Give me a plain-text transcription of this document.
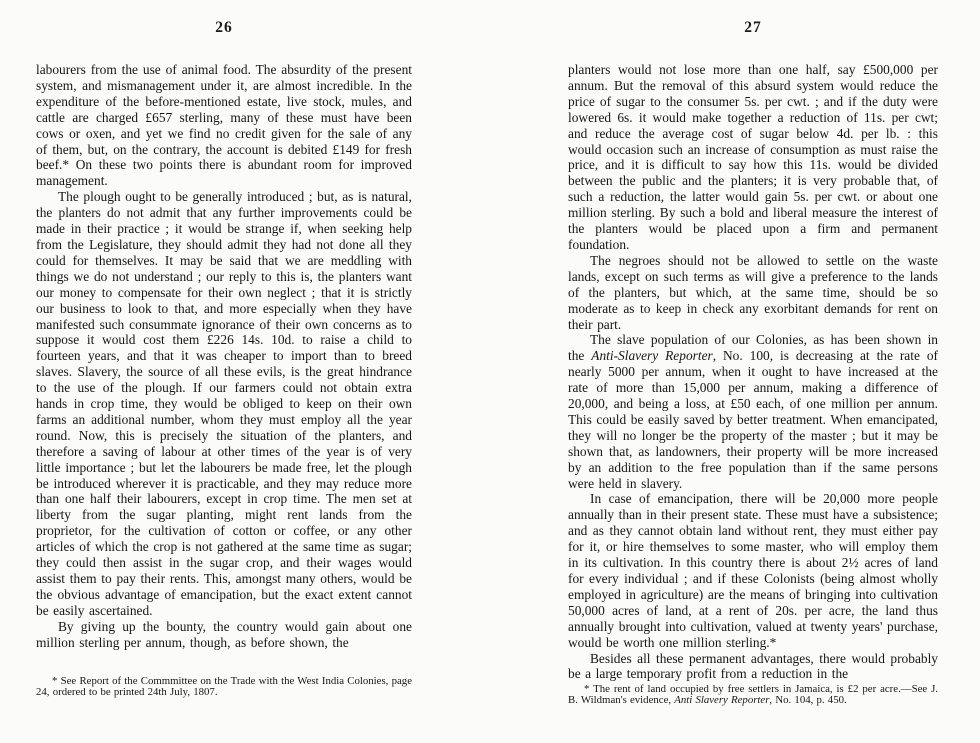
26

labourers from the use of animal food. The absurdity of the present system, and mismanagement under it, are almost incredible. In the expenditure of the before-mentioned estate, live stock, mules, and cattle are charged £657 sterling, many of these must have been cows or oxen, and yet we find no credit given for the sale of any of them, but, on the contrary, the account is debited £149 for fresh beef.* On these two points there is abundant room for improved management.

The plough ought to be generally introduced ; but, as is natural, the planters do not admit that any further improvements could be made in their practice ; it would be strange if, when seeking help from the Legislature, they should admit they had not done all they could for themselves. It may be said that we are meddling with things we do not understand ; our reply to this is, the planters want our money to compensate for their own neglect ; that it is strictly our business to look to that, and more especially when they have manifested such consummate ignorance of their own concerns as to suppose it would cost them £226 14s. 10d. to raise a child to fourteen years, and that it was cheaper to import than to breed slaves. Slavery, the source of all these evils, is the great hindrance to the use of the plough. If our farmers could not obtain extra hands in crop time, they would be obliged to keep on their own farms an additional number, whom they must employ all the year round. Now, this is precisely the situation of the planters, and therefore a saving of labour at other times of the year is of very little importance ; but let the labourers be made free, let the plough be introduced wherever it is practicable, and they may reduce more than one half their labourers, except in crop time. The men set at liberty from the sugar planting, might rent lands from the proprietor, for the cultivation of cotton or coffee, or any other articles of which the crop is not gathered at the same time as sugar; they could then assist in the sugar crop, and their wages would assist them to pay their rents. This, amongst many others, would be the obvious advantage of emancipation, but the exact extent cannot be easily ascertained.

By giving up the bounty, the country would gain about one million sterling per annum, though, as before shown, the

* See Report of the Commmittee on the Trade with the West India Colonies, page 24, ordered to be printed 24th July, 1807.

27

planters would not lose more than one half, say £500,000 per annum. But the removal of this absurd system would reduce the price of sugar to the consumer 5s. per cwt. ; and if the duty were lowered 6s. it would make together a reduction of 11s. per cwt; and reduce the average cost of sugar below 4d. per lb. : this would occasion such an increase of consumption as must raise the price, and it is difficult to say how this 11s. would be divided between the public and the planters; it is very probable that, of such a reduction, the latter would gain 5s. per cwt. or about one million sterling. By such a bold and liberal measure the interest of the planters would be placed upon a firm and permanent foundation.

The negroes should not be allowed to settle on the waste lands, except on such terms as will give a preference to the lands of the planters, but which, at the same time, should be so moderate as to keep in check any exorbitant demands for rent on their part.

The slave population of our Colonies, as has been shown in the Anti-Slavery Reporter, No. 100, is decreasing at the rate of nearly 5000 per annum, when it ought to have increased at the rate of more than 15,000 per annum, making a difference of 20,000, and being a loss, at £50 each, of one million per annum. This could be easily saved by better treatment. When emancipated, they will no longer be the property of the master ; but it may be shown that, as landowners, their property will be more increased by an addition to the free population than if the same persons were held in slavery.

In case of emancipation, there will be 20,000 more people annually than in their present state. These must have a subsistence; and as they cannot obtain land without rent, they must either pay for it, or hire themselves to some master, who will employ them in its cultivation. In this country there is about 2½ acres of land for every individual ; and if these Colonists (being almost wholly employed in agriculture) are the means of bringing into cultivation 50,000 acres of land, at a rent of 20s. per acre, the land thus annually brought into cultivation, valued at twenty years' purchase, would be worth one million sterling.*

Besides all these permanent advantages, there would probably be a large temporary profit from a reduction in the

* The rent of land occupied by free settlers in Jamaica, is £2 per acre.—See J. B. Wildman's evidence, Anti Slavery Reporter, No. 104, p. 450.
